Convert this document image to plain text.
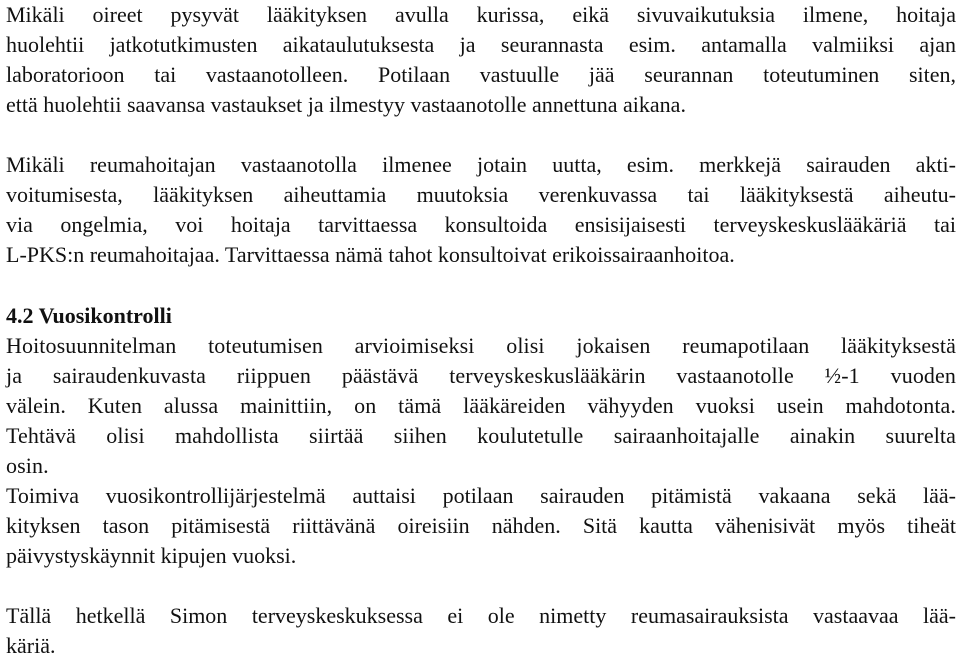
Mikäli oireet pysyvät lääkityksen avulla kurissa, eikä sivuvaikutuksia ilmene, hoitaja
huolehtii jatkotutkimusten aikataulutuksesta ja seurannasta esim. antamalla valmiiksi ajan
laboratorioon tai vastaanotolleen. Potilaan vastuulle jää seurannan toteutuminen siten,
että huolehtii saavansa vastaukset ja ilmestyy vastaanotolle annettuna aikana.
Mikäli reumahoitajan vastaanotolla ilmenee jotain uutta, esim. merkkejä sairauden akti-
voitumisesta, lääkityksen aiheuttamia muutoksia verenkuvassa tai lääkityksestä aiheutu-
via ongelmia, voi hoitaja tarvittaessa konsultoida ensisijaisesti terveyskeskuslääkäriä tai
L-PKS:n reumahoitajaa. Tarvittaessa nämä tahot konsultoivat erikoissairaanhoitoa.
4.2 Vuosikontrolli
Hoitosuunnitelman toteutumisen arvioimiseksi olisi jokaisen reumapotilaan lääkityksestä
ja sairaudenkuvasta riippuen päästävä terveyskeskuslääkärin vastaanotolle ½-1 vuoden
välein. Kuten alussa mainittiin, on tämä lääkäreiden vähyyden vuoksi usein mahdotonta.
Tehtävä olisi mahdollista siirtää siihen koulutetulle sairaanhoitajalle ainakin suurelta
osin.
Toimiva vuosikontrollijärjestelmä auttaisi potilaan sairauden pitämistä vakaana sekä lää-
kityksen tason pitämisestä riittävänä oireisiin nähden. Sitä kautta vähenisivät myös tiheät
päivystyskäynnit kipujen vuoksi.
Tällä hetkellä Simon terveyskeskuksessa ei ole nimetty reumasairauksista vastaavaa lää-
käriä.
